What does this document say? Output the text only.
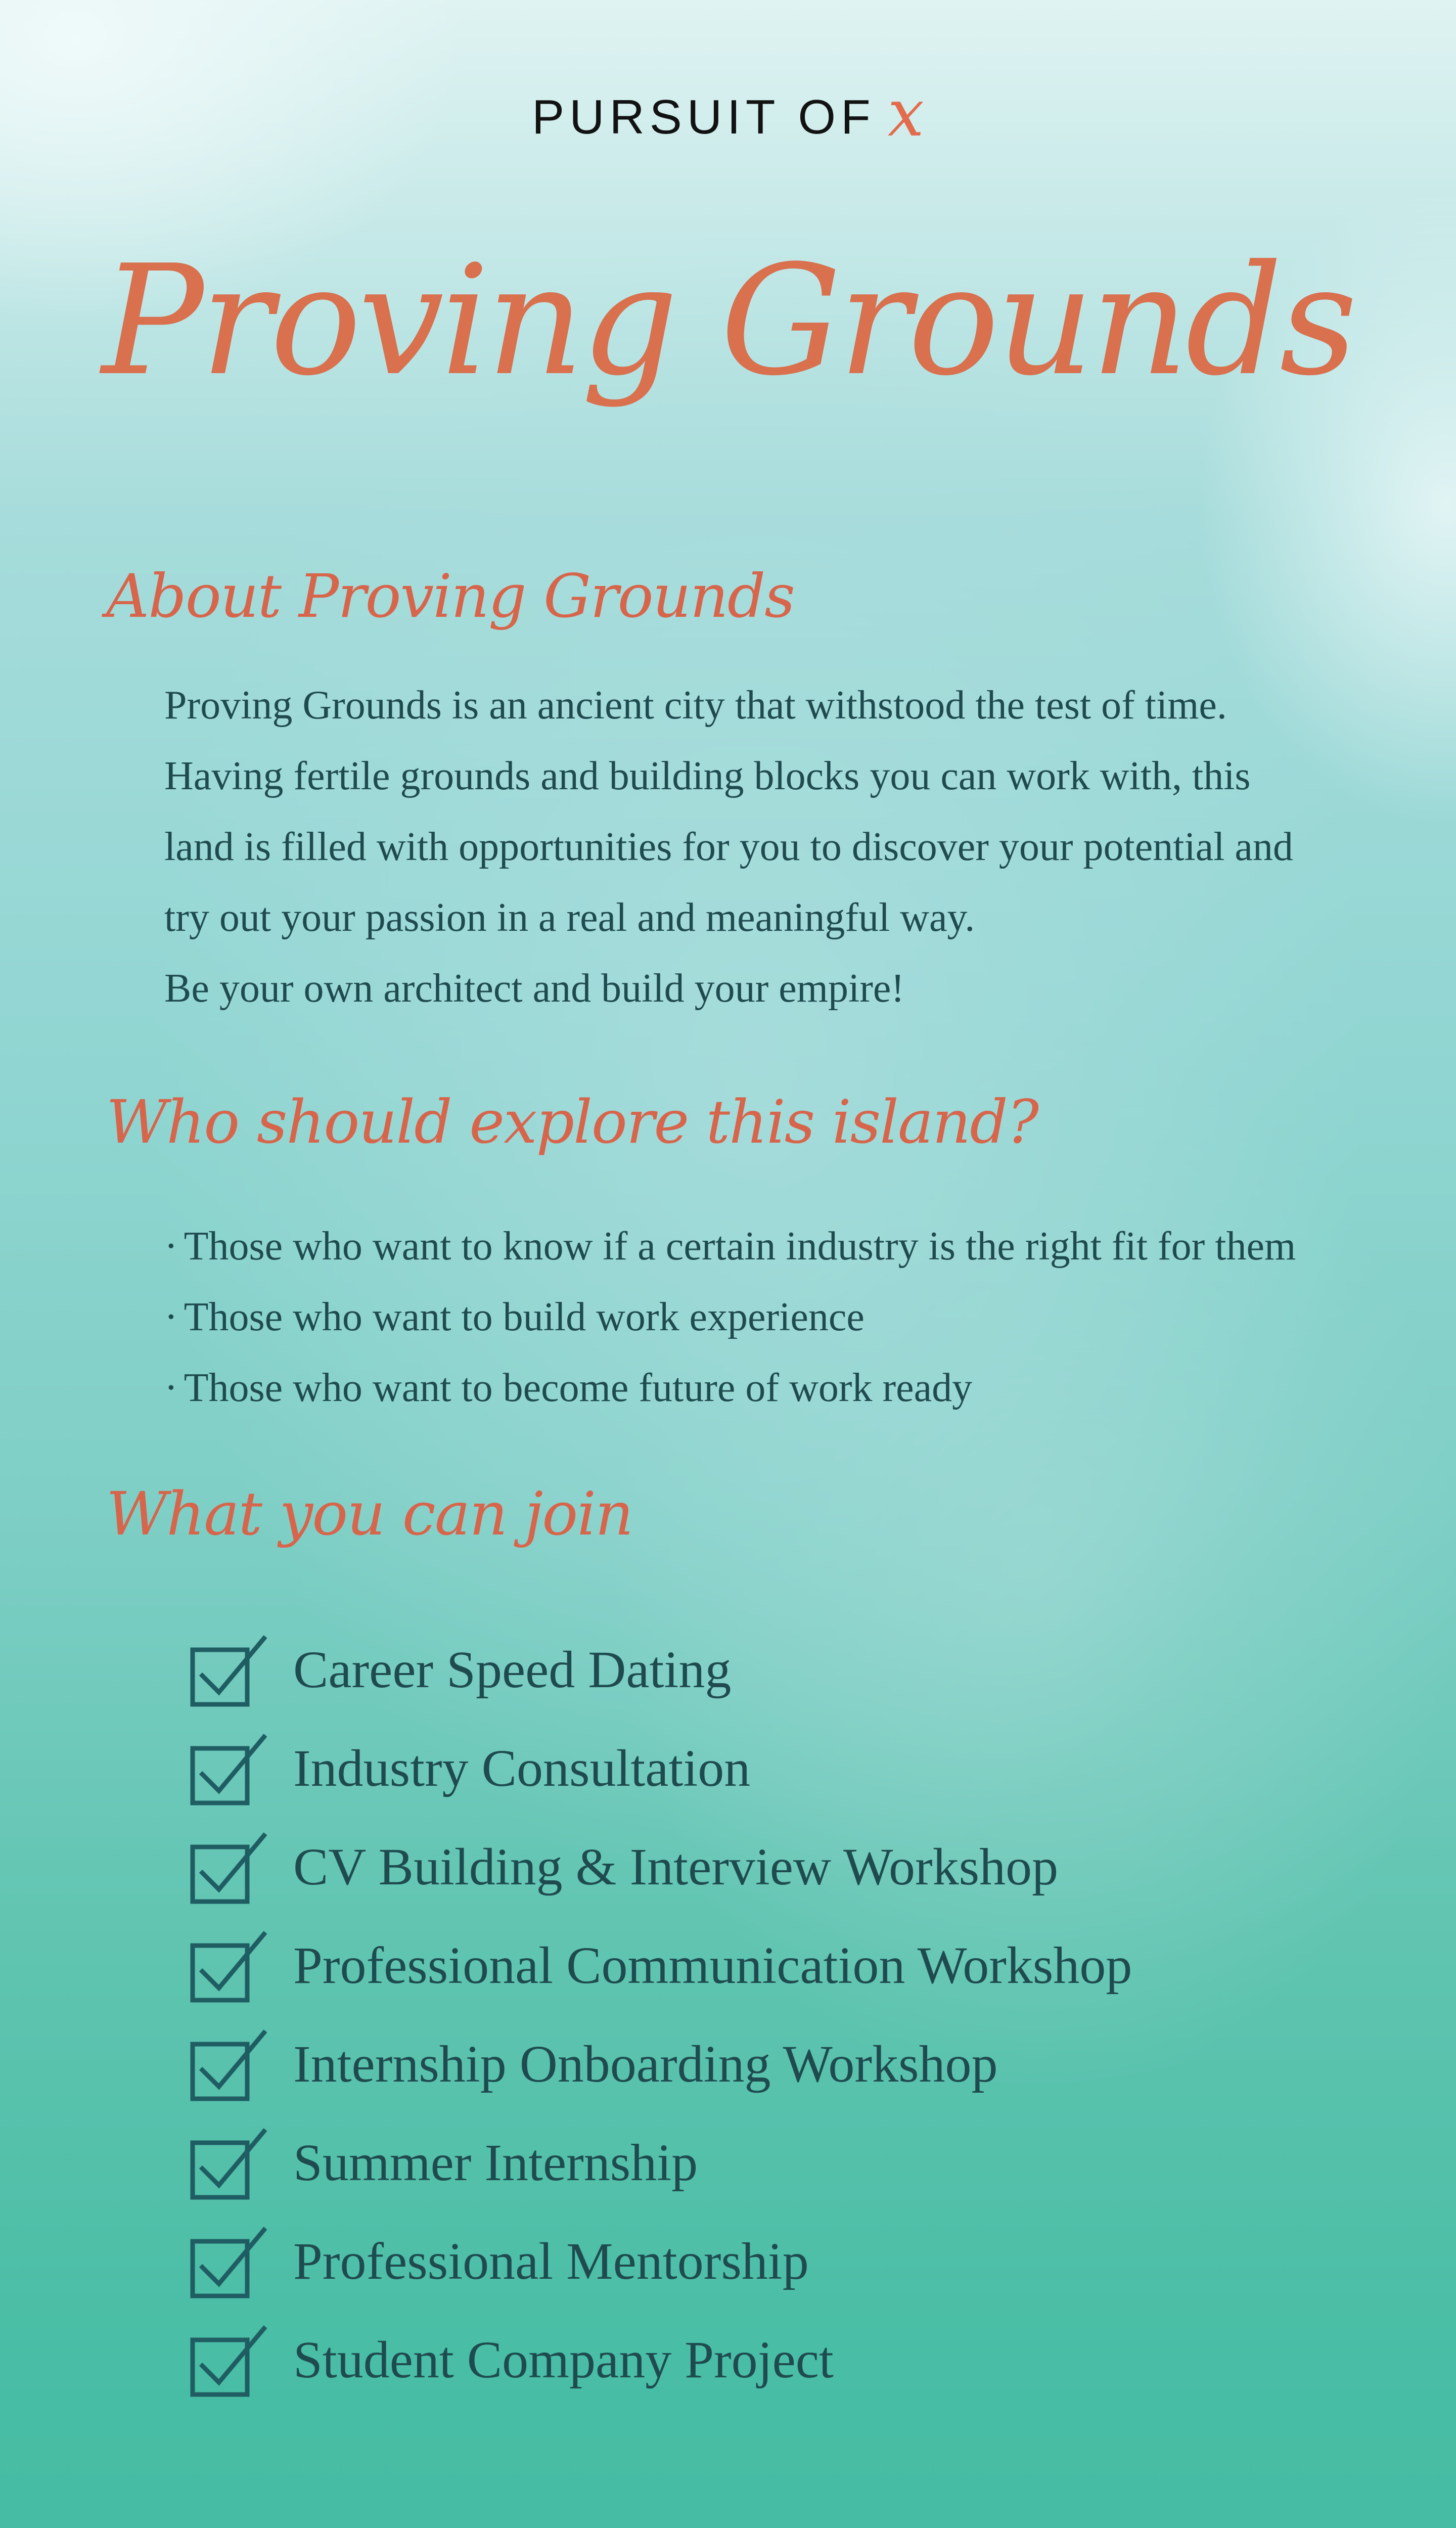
PURSUIT OF x
Proving Grounds
About Proving Grounds
Proving Grounds is an ancient city that withstood the test of time.
Having fertile grounds and building blocks you can work with, this
land is filled with opportunities for you to discover your potential and
try out your passion in a real and meaningful way.
Be your own architect and build your empire!
Who should explore this island?
· Those who want to know if a certain industry is the right fit for them
· Those who want to build work experience
· Those who want to become future of work ready
What you can join
Career Speed Dating
Industry Consultation
CV Building & Interview Workshop
Professional Communication Workshop
Internship Onboarding Workshop
Summer Internship
Professional Mentorship
Student Company Project
